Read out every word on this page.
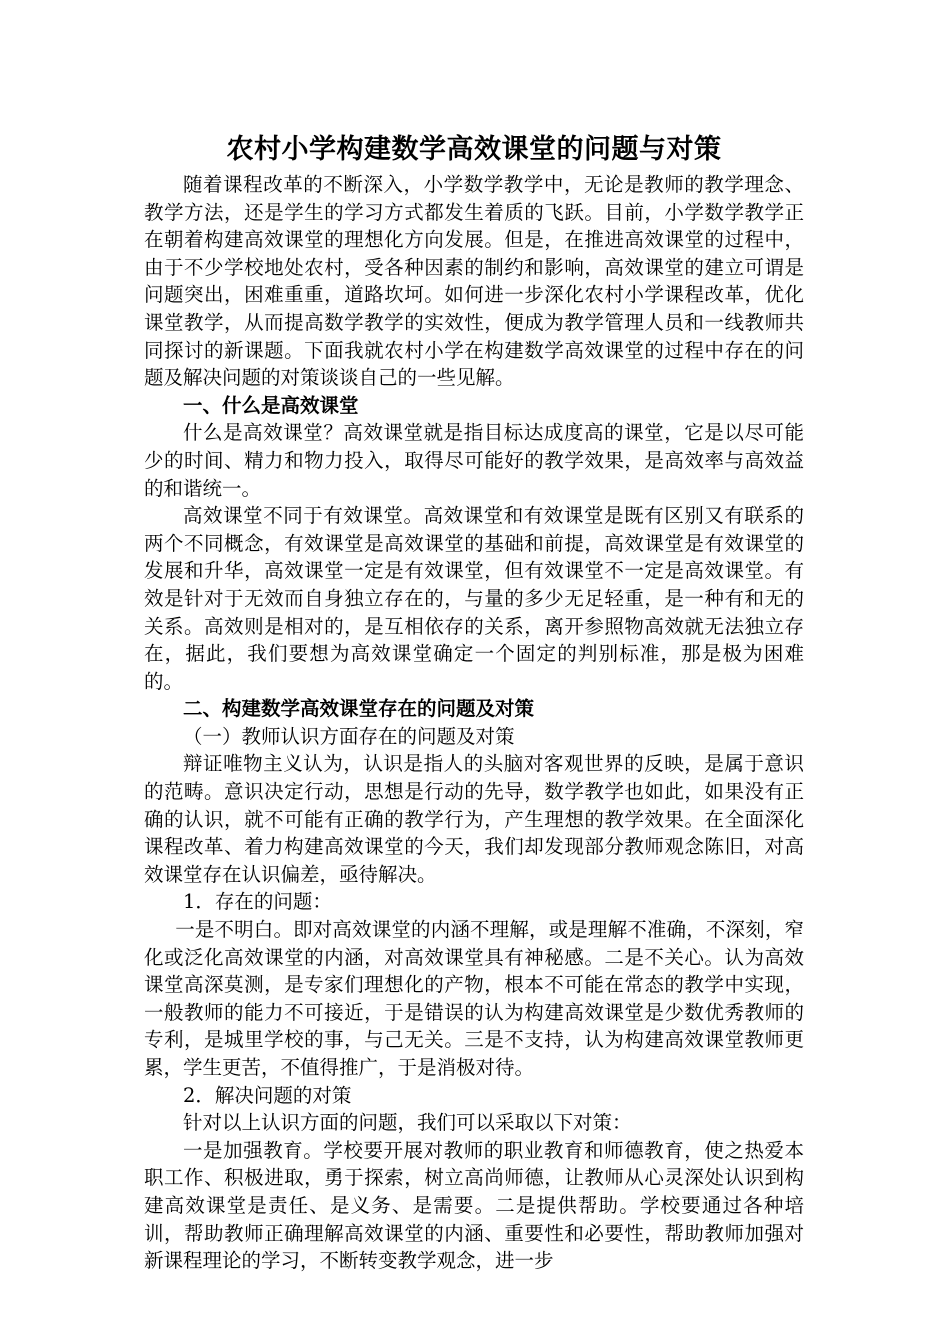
农村小学构建数学高效课堂的问题与对策

随着课程改革的不断深入，小学数学教学中，无论是教师的教学理念、教学方法，还是学生的学习方式都发生着质的飞跃。目前，小学数学教学正在朝着构建高效课堂的理想化方向发展。但是，在推进高效课堂的过程中，由于不少学校地处农村，受各种因素的制约和影响，高效课堂的建立可谓是问题突出，困难重重，道路坎坷。如何进一步深化农村小学课程改革，优化课堂教学，从而提高数学教学的实效性，便成为教学管理人员和一线教师共同探讨的新课题。下面我就农村小学在构建数学高效课堂的过程中存在的问题及解决问题的对策谈谈自己的一些见解。

一、什么是高效课堂

什么是高效课堂？高效课堂就是指目标达成度高的课堂，它是以尽可能少的时间、精力和物力投入，取得尽可能好的教学效果，是高效率与高效益的和谐统一。

高效课堂不同于有效课堂。高效课堂和有效课堂是既有区别又有联系的两个不同概念，有效课堂是高效课堂的基础和前提，高效课堂是有效课堂的发展和升华，高效课堂一定是有效课堂，但有效课堂不一定是高效课堂。有效是针对于无效而自身独立存在的，与量的多少无足轻重，是一种有和无的关系。高效则是相对的，是互相依存的关系，离开参照物高效就无法独立存在，据此，我们要想为高效课堂确定一个固定的判别标准，那是极为困难的。

二、构建数学高效课堂存在的问题及对策

（一）教师认识方面存在的问题及对策

辩证唯物主义认为，认识是指人的头脑对客观世界的反映，是属于意识的范畴。意识决定行动，思想是行动的先导，数学教学也如此，如果没有正确的认识，就不可能有正确的教学行为，产生理想的教学效果。在全面深化课程改革、着力构建高效课堂的今天，我们却发现部分教师观念陈旧，对高效课堂存在认识偏差，亟待解决。

1．存在的问题：

一是不明白。即对高效课堂的内涵不理解，或是理解不准确，不深刻，窄化或泛化高效课堂的内涵，对高效课堂具有神秘感。二是不关心。认为高效课堂高深莫测，是专家们理想化的产物，根本不可能在常态的教学中实现，一般教师的能力不可接近，于是错误的认为构建高效课堂是少数优秀教师的专利，是城里学校的事，与己无关。三是不支持，认为构建高效课堂教师更累，学生更苦，不值得推广，于是消极对待。

2．解决问题的对策

针对以上认识方面的问题，我们可以采取以下对策：

一是加强教育。学校要开展对教师的职业教育和师德教育，使之热爱本职工作、积极进取，勇于探索，树立高尚师德，让教师从心灵深处认识到构建高效课堂是责任、是义务、是需要。二是提供帮助。学校要通过各种培训，帮助教师正确理解高效课堂的内涵、重要性和必要性，帮助教师加强对新课程理论的学习，不断转变教学观念，进一步
